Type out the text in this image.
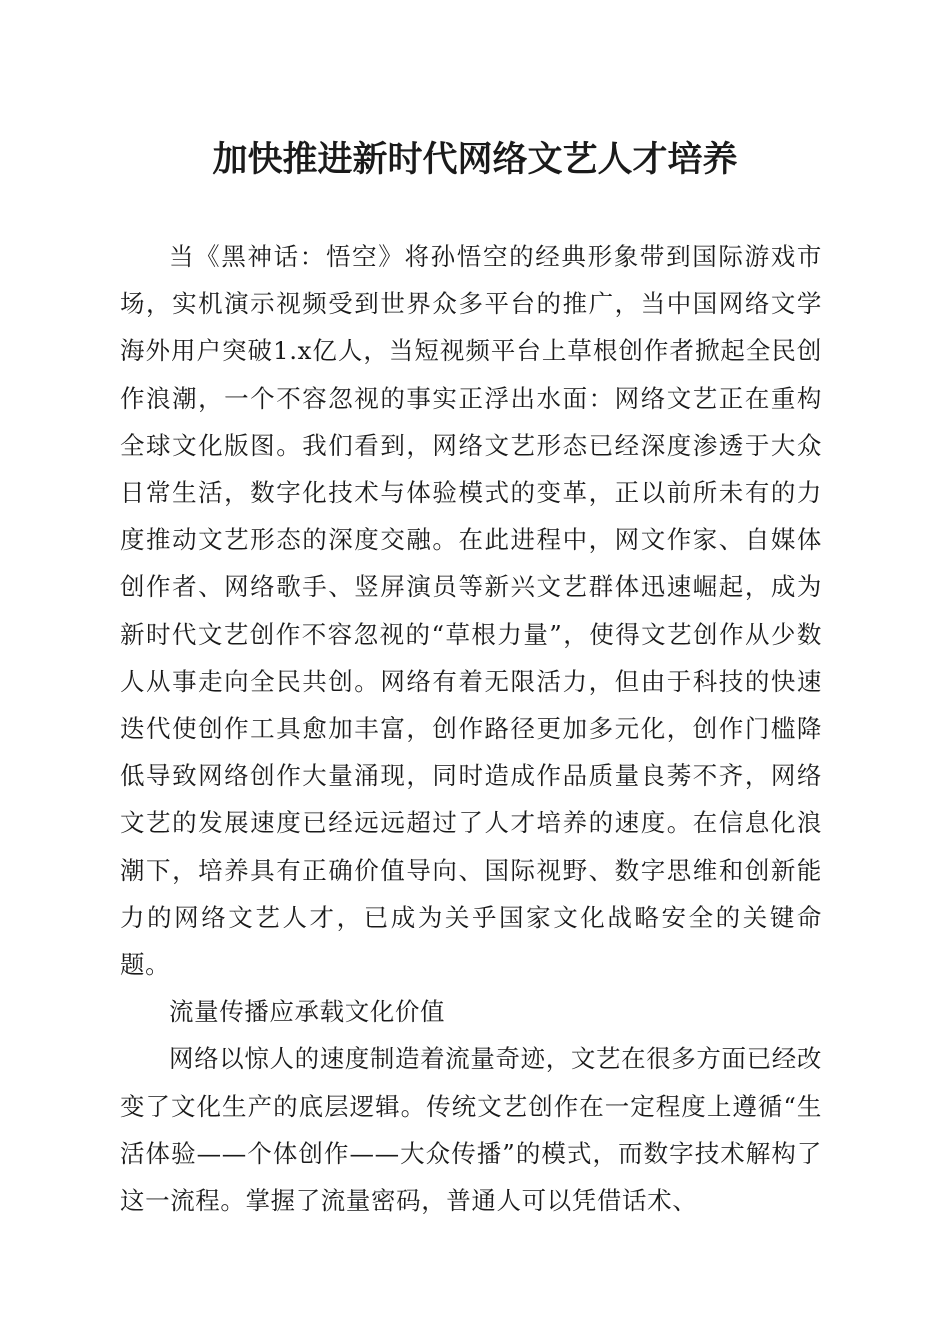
加快推进新时代网络文艺人才培养

当《黑神话：悟空》将孙悟空的经典形象带到国际游戏市场，实机演示视频受到世界众多平台的推广，当中国网络文学海外用户突破1.x亿人，当短视频平台上草根创作者掀起全民创作浪潮，一个不容忽视的事实正浮出水面：网络文艺正在重构全球文化版图。我们看到，网络文艺形态已经深度渗透于大众日常生活，数字化技术与体验模式的变革，正以前所未有的力度推动文艺形态的深度交融。在此进程中，网文作家、自媒体创作者、网络歌手、竖屏演员等新兴文艺群体迅速崛起，成为新时代文艺创作不容忽视的“草根力量”，使得文艺创作从少数人从事走向全民共创。网络有着无限活力，但由于科技的快速迭代使创作工具愈加丰富，创作路径更加多元化，创作门槛降低导致网络创作大量涌现，同时造成作品质量良莠不齐，网络文艺的发展速度已经远远超过了人才培养的速度。在信息化浪潮下，培养具有正确价值导向、国际视野、数字思维和创新能力的网络文艺人才，已成为关乎国家文化战略安全的关键命题。

流量传播应承载文化价值

网络以惊人的速度制造着流量奇迹，文艺在很多方面已经改变了文化生产的底层逻辑。传统文艺创作在一定程度上遵循“生活体验——个体创作——大众传播”的模式，而数字技术解构了这一流程。掌握了流量密码，普通人可以凭借话术、
